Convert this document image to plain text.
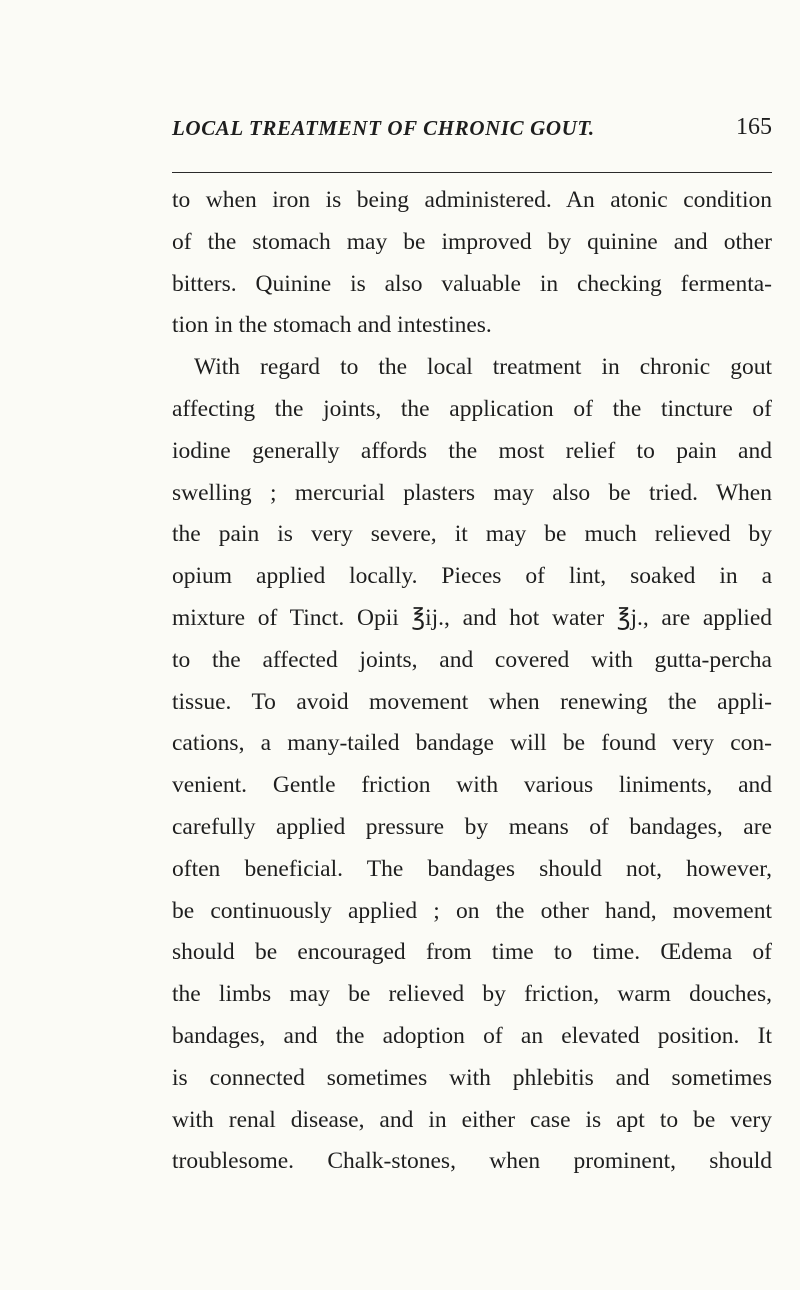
LOCAL TREATMENT OF CHRONIC GOUT.	165
to when iron is being administered. An atonic condition
of the stomach may be improved by quinine and other
bitters. Quinine is also valuable in checking fermenta-
tion in the stomach and intestines.
With regard to the local treatment in chronic gout
affecting the joints, the application of the tincture of
iodine generally affords the most relief to pain and
swelling ; mercurial plasters may also be tried. When
the pain is very severe, it may be much relieved by
opium applied locally. Pieces of lint, soaked in a
mixture of Tinct. Opii ℥ij., and hot water ℥j., are applied
to the affected joints, and covered with gutta-percha
tissue. To avoid movement when renewing the appli-
cations, a many-tailed bandage will be found very con-
venient. Gentle friction with various liniments, and
carefully applied pressure by means of bandages, are
often beneficial. The bandages should not, however,
be continuously applied ; on the other hand, movement
should be encouraged from time to time. Œdema of
the limbs may be relieved by friction, warm douches,
bandages, and the adoption of an elevated position. It
is connected sometimes with phlebitis and sometimes
with renal disease, and in either case is apt to be very
troublesome. Chalk-stones, when prominent, should
